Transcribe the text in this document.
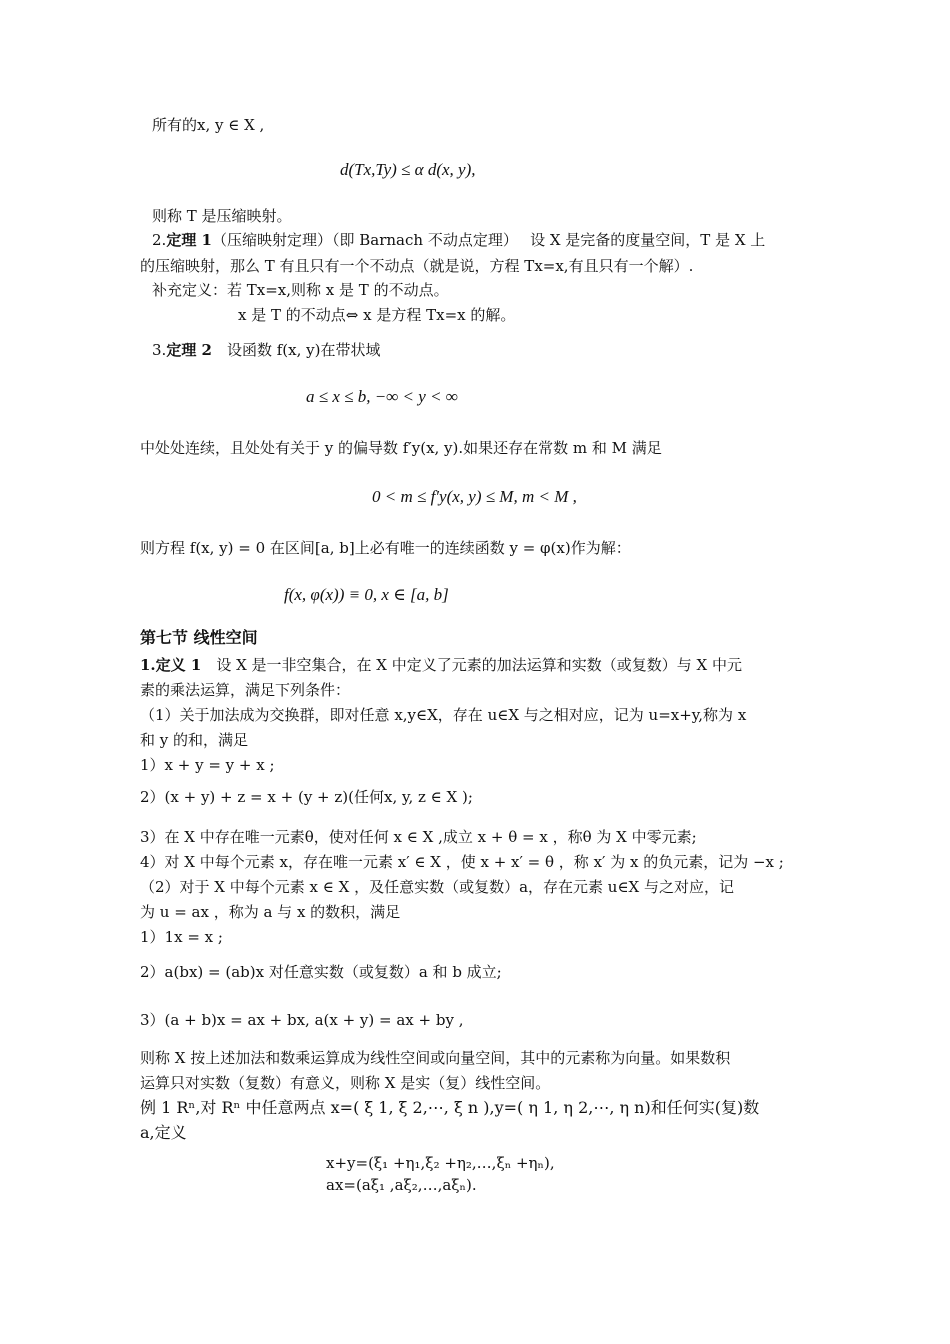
所有的x, y ∈ X ,
d(Tx,Ty) ≤ α d(x, y),
则称 T 是压缩映射。
2.定理 1（压缩映射定理）（即 Barnach 不动点定理）　 设 X 是完备的度量空间，T 是 X 上
的压缩映射，那么 T 有且只有一个不动点（就是说，方程 Tx=x,有且只有一个解）.
补充定义：若 Tx=x,则称 x 是 T 的不动点。
x 是 T 的不动点⇔ x 是方程 Tx=x 的解。
3.定理 2　设函数 f(x, y)在带状域
a ≤ x ≤ b, −∞ < y < ∞
中处处连续，且处处有关于 y 的偏导数 f′y(x, y).如果还存在常数 m 和 M 满足
0 < m ≤ f′y(x, y) ≤ M, m < M ,
则方程 f(x, y) = 0 在区间[a, b]上必有唯一的连续函数 y = φ(x)作为解：
f(x, φ(x)) ≡ 0, x ∈ [a, b]
第七节 线性空间
1.定义 1　设 X 是一非空集合，在 X 中定义了元素的加法运算和实数（或复数）与 X 中元
素的乘法运算，满足下列条件：
（1）关于加法成为交换群，即对任意 x,y∈X，存在 u∈X 与之相对应，记为 u=x+y,称为 x
和 y 的和，满足
1）x + y = y + x ;
2）(x + y) + z = x + (y + z)(任何x, y, z ∈ X );
3）在 X 中存在唯一元素θ，使对任何 x ∈ X ,成立 x + θ = x ，称θ 为 X 中零元素;
4）对 X 中每个元素 x，存在唯一元素 x′ ∈ X ，使 x + x′ = θ ，称 x′ 为 x 的负元素，记为 −x ;
（2）对于 X 中每个元素 x ∈ X ，及任意实数（或复数）a，存在元素 u∈X 与之对应，记
为 u = ax ，称为 a 与 x 的数积，满足
1）1x = x ;
2）a(bx) = (ab)x 对任意实数（或复数）a 和 b 成立;
3）(a + b)x = ax + bx, a(x + y) = ax + by ,
则称 X 按上述加法和数乘运算成为线性空间或向量空间，其中的元素称为向量。如果数积
运算只对实数（复数）有意义，则称 X 是实（复）线性空间。
例 1 Rⁿ,对 Rⁿ 中任意两点 x=( ξ 1, ξ 2,⋯, ξ n ),y=( η 1, η 2,⋯, η n)和任何实(复)数
a,定义
x+y=(ξ₁ +η₁,ξ₂ +η₂,…,ξₙ +ηₙ),
ax=(aξ₁ ,aξ₂,…,aξₙ).
